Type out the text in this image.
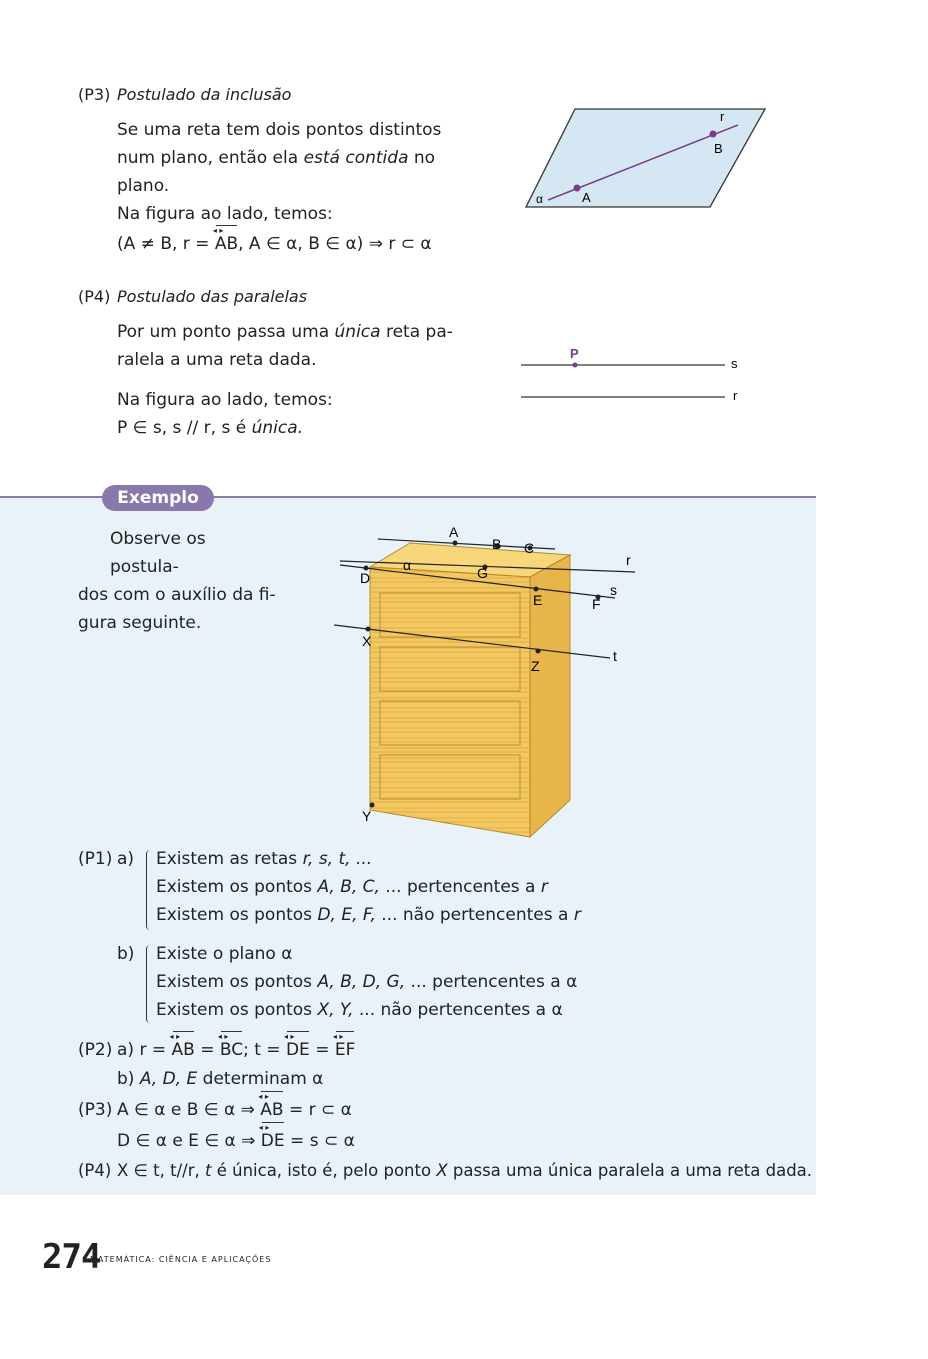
(P3) Postulado da inclusão
Se uma reta tem dois pontos distintos
num plano, então ela está contida no
plano.
Na figura ao lado, temos:
(A ≠ B, r = AB ◂ ▸, A ∈ α, B ∈ α) ⇒ r ⊂ α
r
B
A
α
(P4) Postulado das paralelas
Por um ponto passa uma única reta pa-
ralela a uma reta dada.
Na figura ao lado, temos:
P ∈ s, s // r, s é única.
P
s
r
Exemplo
Observe os postula-
dos com o auxílio da fi-
gura seguinte.
A
B C
r
α
D	G
E	F
s
X
Z
t
Y
(P1) a) Existem as retas r, s, t, ...
Existem os pontos A, B, C, ... pertencentes a r
Existem os pontos D, E, F, ... não pertencentes a r
b) Existe o plano α
Existem os pontos A, B, D, G, ... pertencentes a α
Existem os pontos X, Y, ... não pertencentes a α
(P2) a) r = AB ◂ ▸ = BC ◂ ▸; t = DE ◂ ▸ = EF ◂ ▸
b) A, D, E determinam α
(P3) A ∈ α e B ∈ α ⇒ AB ◂ ▸ = r ⊂ α
D ∈ α e E ∈ α ⇒ DE ◂ ▸ = s ⊂ α
(P4) X ∈ t, t//r, t é única, isto é, pelo ponto X passa uma única paralela a uma reta dada.
274
MATEMÁTICA: CIÊNCIA E APLICAÇÕES
